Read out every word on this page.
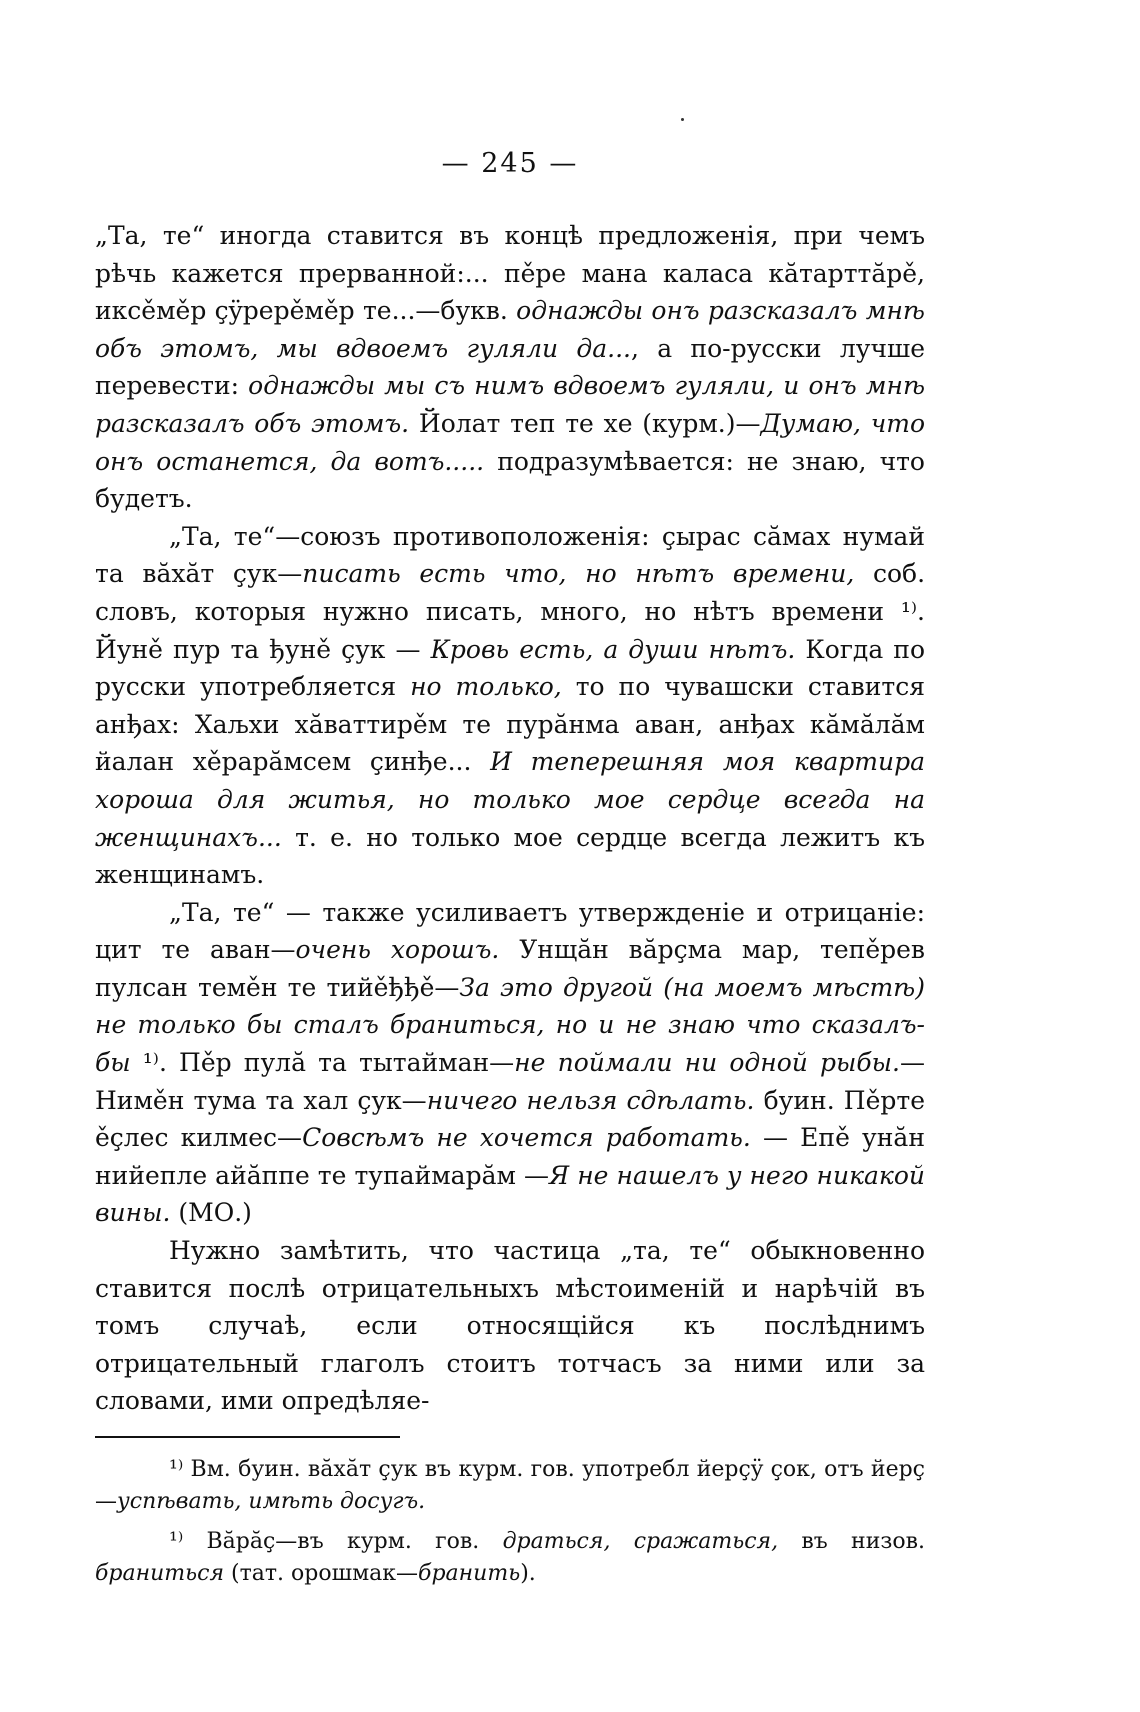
— 245 —

„Та, те“ иногда ставится въ концѣ предложенія, при чемъ рѣчь кажется прерванной:... пěре мана каласа кăтарттăрě, иксěмěр çÿрерěмěр те...—букв. однажды онъ разсказалъ мнѣ объ этомъ, мы вдвоемъ гуляли да..., а по-русски лучше перевести: однажды мы съ нимъ вдвоемъ гуляли, и онъ мнѣ разсказалъ объ этомъ. Йолат теп те хе (курм.)—Думаю, что онъ останется, да вотъ..... подразумѣвается: не знаю, что будетъ.

„Та, те“—союзъ противоположенія: çырас сăмах нумай та вăхăт çук—писать есть что, но нѣтъ времени, соб. словъ, которыя нужно писать, много, но нѣтъ времени ¹⁾. Йунě пур та ђунě çук — Кровь есть, а души нѣтъ. Когда по русски употребляется но только, то по чувашски ставится анђах: Хаљхи хăваттирěм те пурăнма аван, анђах кăмăлăм йалан хěрарăмсем çинђе... И теперешняя моя квартира хороша для житья, но только мое сердце всегда на женщинахъ... т. е. но только мое сердце всегда лежитъ къ женщинамъ.

„Та, те“ — также усиливаетъ утвержденіе и отрицаніе: цит те аван—очень хорошъ. Унщăн вăрçма мар, тепěрев пулсан темěн те тийěђђě—За это другой (на моемъ мѣстѣ) не только бы сталъ браниться, но и не знаю что сказалъ-бы ¹⁾. Пěр пулă та тытайман—не поймали ни одной рыбы.—Нимěн тума та хал çук—ничего нельзя сдѣлать. буин. Пěрте ěçлес килмес—Совсѣмъ не хочется работать. — Епě унăн нийепле айăппе те тупаймарăм —Я не нашелъ у него никакой вины. (МО.)

Нужно замѣтить, что частица „та, те“ обыкновенно ставится послѣ отрицательныхъ мѣстоименій и нарѣчій въ томъ случаѣ, если относящійся къ послѣднимъ отрицательный глаголъ стоитъ тотчасъ за ними или за словами, ими опредѣляе-

¹⁾ Вм. буин. вăхăт çук въ курм. гов. употребл йерçÿ çок, отъ йерç—успѣвать, имѣть досугъ.

¹⁾ Вăрăç—въ курм. гов. драться, сражаться, въ низов. браниться (тат. орошмак—бранить).
